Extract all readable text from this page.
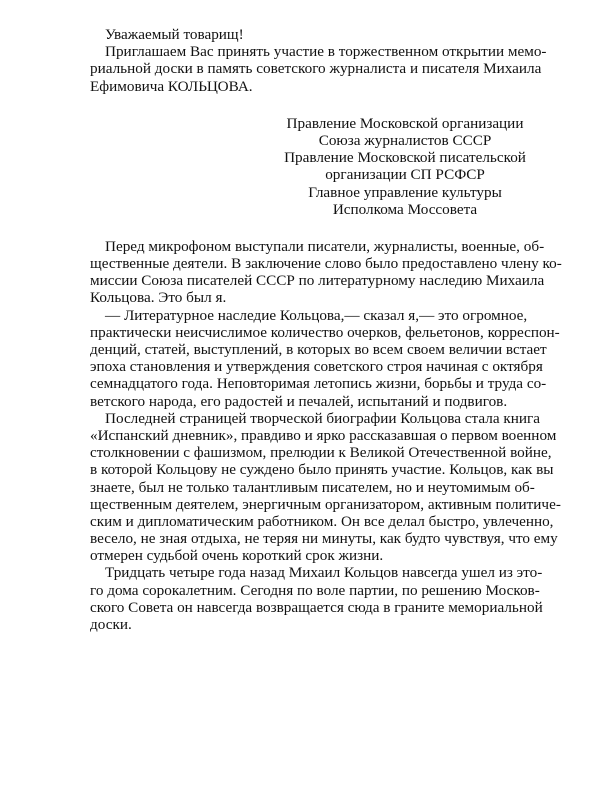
Уважаемый товарищ!
Приглашаем Вас принять участие в торжественном открытии мемо-
риальной доски в память советского журналиста и писателя Михаила
Ефимовича КОЛЬЦОВА.
Правление Московской организации
Союза журналистов СССР
Правление Московской писательской
организации СП РСФСР
Главное управление культуры
Исполкома Моссовета
Перед микрофоном выступали писатели, журналисты, военные, об-
щественные деятели. В заключение слово было предоставлено члену ко-
миссии Союза писателей СССР по литературному наследию Михаила
Кольцова. Это был я.
— Литературное наследие Кольцова,— сказал я,— это огромное,
практически неисчислимое количество очерков, фельетонов, корреспон-
денций, статей, выступлений, в которых во всем своем величии встает
эпоха становления и утверждения советского строя начиная с октября
семнадцатого года. Неповторимая летопись жизни, борьбы и труда со-
ветского народа, его радостей и печалей, испытаний и подвигов.
Последней страницей творческой биографии Кольцова стала книга
«Испанский дневник», правдиво и ярко рассказавшая о первом военном
столкновении с фашизмом, прелюдии к Великой Отечественной войне,
в которой Кольцову не суждено было принять участие. Кольцов, как вы
знаете, был не только талантливым писателем, но и неутомимым об-
щественным деятелем, энергичным организатором, активным политиче-
ским и дипломатическим работником. Он все делал быстро, увлеченно,
весело, не зная отдыха, не теряя ни минуты, как будто чувствуя, что ему
отмерен судьбой очень короткий срок жизни.
Тридцать четыре года назад Михаил Кольцов навсегда ушел из это-
го дома сорокалетним. Сегодня по воле партии, по решению Москов-
ского Совета он навсегда возвращается сюда в граните мемориальной
доски.
